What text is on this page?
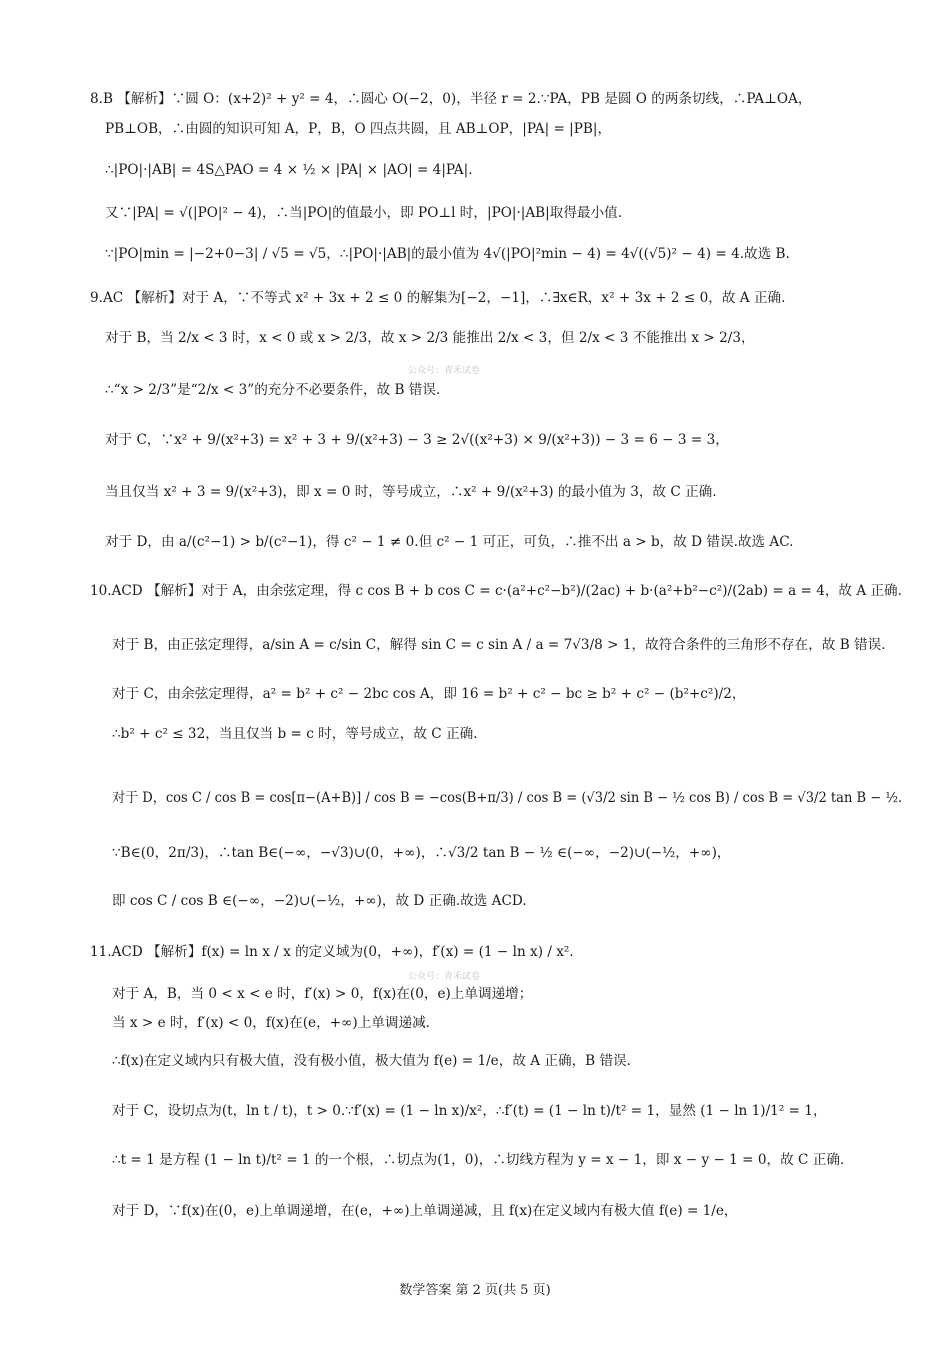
8.B 【解析】∵圆 O：(x+2)² + y² = 4，∴圆心 O(−2，0)，半径 r = 2.∵PA，PB 是圆 O 的两条切线，∴PA⊥OA，
PB⊥OB，∴由圆的知识可知 A，P，B，O 四点共圆，且 AB⊥OP，|PA| = |PB|，
∴|PO|·|AB| = 4S△PAO = 4 × ½ × |PA| × |AO| = 4|PA|.
又∵|PA| = √(|PO|² − 4)，∴当|PO|的值最小，即 PO⊥l 时，|PO|·|AB|取得最小值.
∵|PO|min = |−2+0−3| / √5 = √5，∴|PO|·|AB|的最小值为 4√(|PO|²min − 4) = 4√((√5)² − 4) = 4.故选 B.
9.AC 【解析】对于 A，∵不等式 x² + 3x + 2 ≤ 0 的解集为[−2，−1]，∴∃x∈R，x² + 3x + 2 ≤ 0，故 A 正确.
对于 B，当 2/x < 3 时，x < 0 或 x > 2/3，故 x > 2/3 能推出 2/x < 3，但 2/x < 3 不能推出 x > 2/3，
∴“x > 2/3”是“2/x < 3”的充分不必要条件，故 B 错误.
对于 C，∵x² + 9/(x²+3) = x² + 3 + 9/(x²+3) − 3 ≥ 2√((x²+3) × 9/(x²+3)) − 3 = 6 − 3 = 3，
当且仅当 x² + 3 = 9/(x²+3)，即 x = 0 时，等号成立，∴x² + 9/(x²+3) 的最小值为 3，故 C 正确.
对于 D，由 a/(c²−1) > b/(c²−1)，得 c² − 1 ≠ 0.但 c² − 1 可正，可负，∴推不出 a > b，故 D 错误.故选 AC.
10.ACD 【解析】对于 A，由余弦定理，得 c cos B + b cos C = c·(a²+c²−b²)/(2ac) + b·(a²+b²−c²)/(2ab) = a = 4，故 A 正确.
对于 B，由正弦定理得，a/sin A = c/sin C，解得 sin C = c sin A / a = 7√3/8 > 1，故符合条件的三角形不存在，故 B 错误.
对于 C，由余弦定理得，a² = b² + c² − 2bc cos A，即 16 = b² + c² − bc ≥ b² + c² − (b²+c²)/2，
∴b² + c² ≤ 32，当且仅当 b = c 时，等号成立，故 C 正确.
对于 D，cos C / cos B = cos[π−(A+B)] / cos B = −cos(B+π/3) / cos B = (√3/2 sin B − ½ cos B) / cos B = √3/2 tan B − ½.
∵B∈(0，2π/3)，∴tan B∈(−∞，−√3)∪(0，+∞)，∴√3/2 tan B − ½ ∈(−∞，−2)∪(−½，+∞)，
即 cos C / cos B ∈(−∞，−2)∪(−½，+∞)，故 D 正确.故选 ACD.
11.ACD 【解析】f(x) = ln x / x 的定义域为(0，+∞)，f′(x) = (1 − ln x) / x².
对于 A，B，当 0 < x < e 时，f′(x) > 0，f(x)在(0，e)上单调递增；
当 x > e 时，f′(x) < 0，f(x)在(e，+∞)上单调递减.
∴f(x)在定义域内只有极大值，没有极小值，极大值为 f(e) = 1/e，故 A 正确，B 错误.
对于 C，设切点为(t，ln t / t)，t > 0.∵f′(x) = (1 − ln x)/x²，∴f′(t) = (1 − ln t)/t² = 1，显然 (1 − ln 1)/1² = 1，
∴t = 1 是方程 (1 − ln t)/t² = 1 的一个根，∴切点为(1，0)，∴切线方程为 y = x − 1，即 x − y − 1 = 0，故 C 正确.
对于 D，∵f(x)在(0，e)上单调递增，在(e，+∞)上单调递减，且 f(x)在定义域内有极大值 f(e) = 1/e，
公众号：青禾试卷
公众号：青禾试卷
数学答案 第 2 页(共 5 页)
